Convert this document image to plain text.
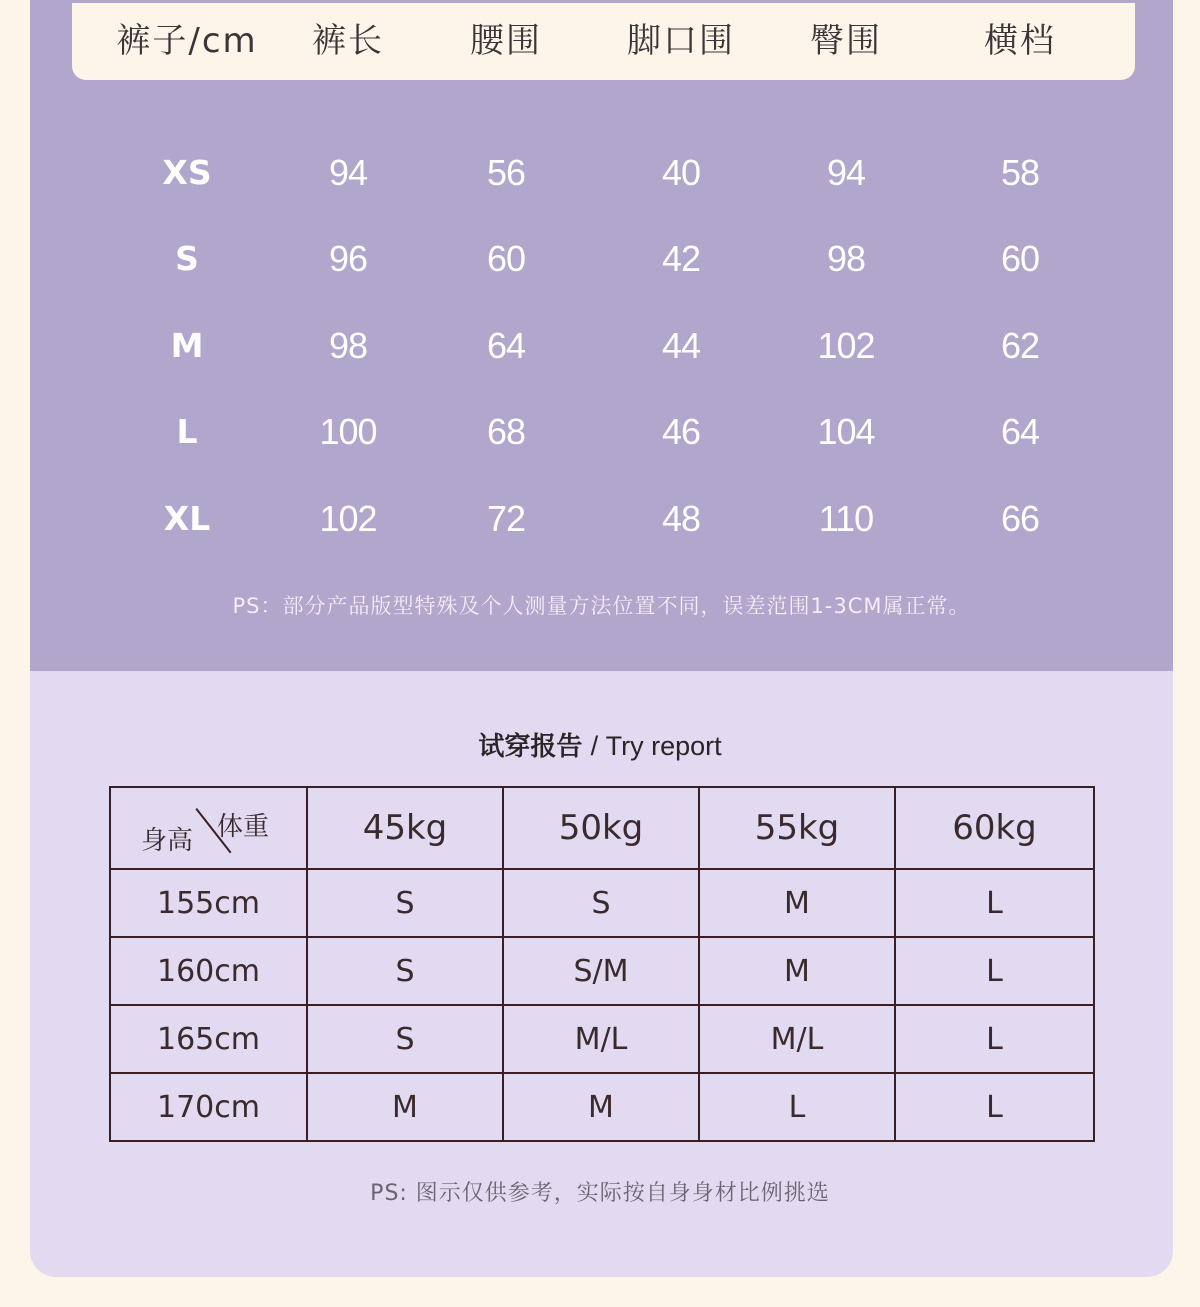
裤子/cm	裤长	腰围	脚口围	臀围	横档
XS	94	56	40	94	58
S	96	60	42	98	60
M	98	64	44	102	62
L	100	68	46	104	64
XL	102	72	48	110	66
PS：部分产品版型特殊及个人测量方法位置不同，误差范围1-3CM属正常。
试穿报告 / Try report
身高 体重	45kg	50kg	55kg	60kg
155cm	S	S	M	L
160cm	S	S/M	M	L
165cm	S	M/L	M/L	L
170cm	M	M	L	L
PS: 图示仅供参考，实际按自身身材比例挑选
